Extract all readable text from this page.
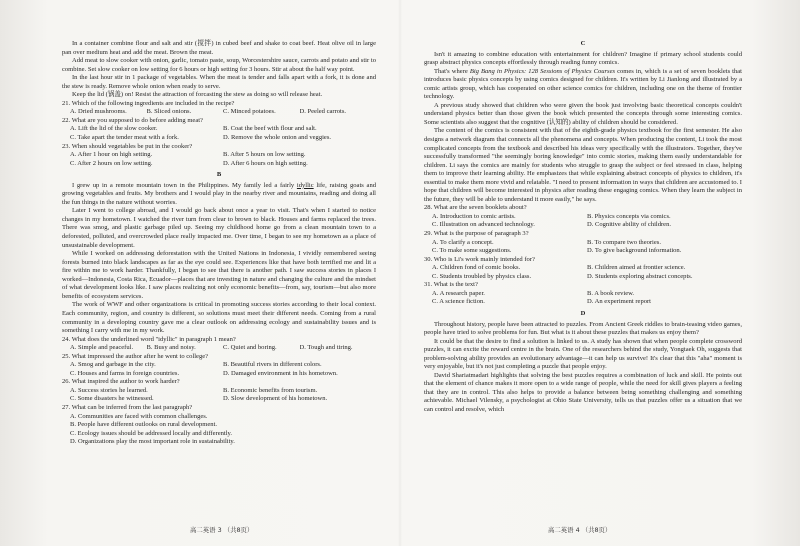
In a container combine flour and salt and stir (搅拌) in cubed beef and shake to coat beef. Heat olive oil in large pan over medium heat and add the meat. Brown the meat.

Add meat to slow cooker with onion, garlic, tomato paste, soup, Worcestershire sauce, carrots and potato and stir to combine. Set slow cooker on low setting for 6 hours or high setting for 3 hours. Stir at about the half way point.

In the last hour stir in 1 package of vegetables. When the meat is tender and falls apart with a fork, it is done and the stew is ready. Remove whole onion when ready to serve.

Keep the lid (锅盖) on! Resist the attraction of forcasting the stew as doing so will release heat.

21. Which of the following ingredients are included in the recipe?

A. Dried mushrooms.	B. Sliced onions.	C. Minced potatoes.	D. Peeled carrots.

22. What are you supposed to do before adding meat?

A. Lift the lid of the slow cooker.	B. Coat the beef with flour and salt.

C. Take apart the tender meat with a fork.	D. Remove the whole onion and veggies.

23. When should vegetables be put in the cooker?

A. After 1 hour on high setting.	B. After 5 hours on low setting.

C. After 2 hours on low setting.	D. After 6 hours on high setting.

B

I grew up in a remote mountain town in the Philippines. My family led a fairly idyllic life, raising goats and growing vegetables and fruits. My brothers and I would play in the nearby river and mountains, reading and doing all the fun things in the nature without worries.

Later I went to college abroad, and I would go back about once a year to visit. That's when I started to notice changes in my hometown. I watched the river turn from clear to brown to black. Houses and farms replaced the trees. There was smog, and plastic garbage piled up. Seeing my childhood home go from a clean mountain town to a deforested, polluted, and overcrowded place really impacted me. Over time, I began to see my hometown as a place of unsustainable development.

While I worked on addressing deforestation with the United Nations in Indonesia, I vividly remembered seeing forests burned into black landscapes as far as the eye could see. Experiences like that have both terrified me and lit a fire within me to work harder. Thankfully, I began to see that there is another path. I saw success stories in places I worked—Indonesia, Costa Rica, Ecuador—places that are investing in nature and changing the culture and the mindset of what development looks like. I saw places realizing not only economic benefits—from, say, tourism—but also more benefits of ecosystem services.

The work of WWF and other organizations is critical in promoting success stories according to their local context. Each community, region, and country is different, so solutions must meet their different needs. Coming from a rural community in a developing country gave me a clear outlook on addressing ecology and sustainability issues and is something I carry with me in my work.

24. What does the underlined word "idyllic" in paragraph 1 mean?

A. Simple and peaceful.	B. Busy and noisy.	C. Quiet and boring.	D. Tough and tiring.

25. What impressed the author after he went to college?

A. Smog and garbage in the city.	B. Beautiful rivers in different colors.

C. Houses and farms in foreign countries.	D. Damaged environment in his hometown.

26. What inspired the author to work harder?

A. Success stories he learned.	B. Economic benefits from tourism.

C. Some disasters he witnessed.	D. Slow development of his hometown.

27. What can be inferred from the last paragraph?

A. Communities are faced with common challenges.

B. People have different outlooks on rural development.

C. Ecology issues should be addressed locally and differently.

D. Organizations play the most important role in sustainability.

C

Isn't it amazing to combine education with entertainment for children? Imagine if primary school students could grasp abstract physics concepts effortlessly through reading funny comics.

That's where Big Bang in Physics: 128 Sessions of Physics Courses comes in, which is a set of seven booklets that introduces basic physics concepts by using comics designed for children. It's written by Li Jianlong and illustrated by a comic artists group, which has cooperated on other science comics for children, including one on the theme of frontier technology.

A previous study showed that children who were given the book just involving basic theoretical concepts couldn't understand physics better than those given the book which presented the concepts through some interesting comics. Some scientists also suggest that the cognitive (认知的) ability of children should be considered.

The content of the comics is consistent with that of the eighth-grade physics textbook for the first semester. He also designs a network diagram that connects all the phenomena and concepts. When producing the content, Li took the most complicated concepts from the textbook and described his ideas very specifically with the illustrators. Together, they've successfully transformed "the seemingly boring knowledge" into comic stories, making them easily understandable for children. Li says the comics are mainly for students who struggle to grasp the subject or feel stressed in class, helping them to improve their learning ability. He emphasizes that while explaining abstract concepts of physics to children, it's essential to make them more vivid and relatable. "I need to present information in ways that children are accustomed to. I hope that children will become interested in physics after reading these engaging comics. When they learn the subject in the future, they will be able to understand it more easily," he says.

28. What are the seven booklets about?

A. Introduction to comic artists.	B. Physics concepts via comics.

C. Illustration on advanced technology.	D. Cognitive ability of children.

29. What is the purpose of paragraph 3?

A. To clarify a concept.	B. To compare two theories.

C. To make some suggestions.	D. To give background information.

30. Who is Li's work mainly intended for?

A. Children fond of comic books.	B. Children aimed at frontier science.

C. Students troubled by physics class.	D. Students exploring abstract concepts.

31. What is the text?

A. A research paper.	B. A book review.

C. A science fiction.	D. An experiment report

D

Throughout history, people have been attracted to puzzles. From Ancient Greek riddles to brain-teasing video games, people have tried to solve problems for fun. But what is it about these puzzles that makes us enjoy them?

It could be that the desire to find a solution is linked to us. A study has shown that when people complete crossword puzzles, it can excite the reward centre in the brain. One of the researchers behind the study, Yongtaek Oh, suggests that problem-solving ability provides an evolutionary advantage—it can help us survive! It's clear that this "aha" moment is very enjoyable, but it's not just completing a puzzle that people enjoy.

David Shariatmadari highlights that solving the best puzzles requires a combination of luck and skill. He points out that the element of chance makes it more open to a wide range of people, while the need for skill gives players a feeling that they are in control. This also helps to provide a balance between being something challenging and something achievable. Michael Vilensky, a psychologist at Ohio State University, tells us that puzzles offer us a situation that we can control and resolve, which

高二英语 3 （共8页）	高二英语 4 （共8页）
